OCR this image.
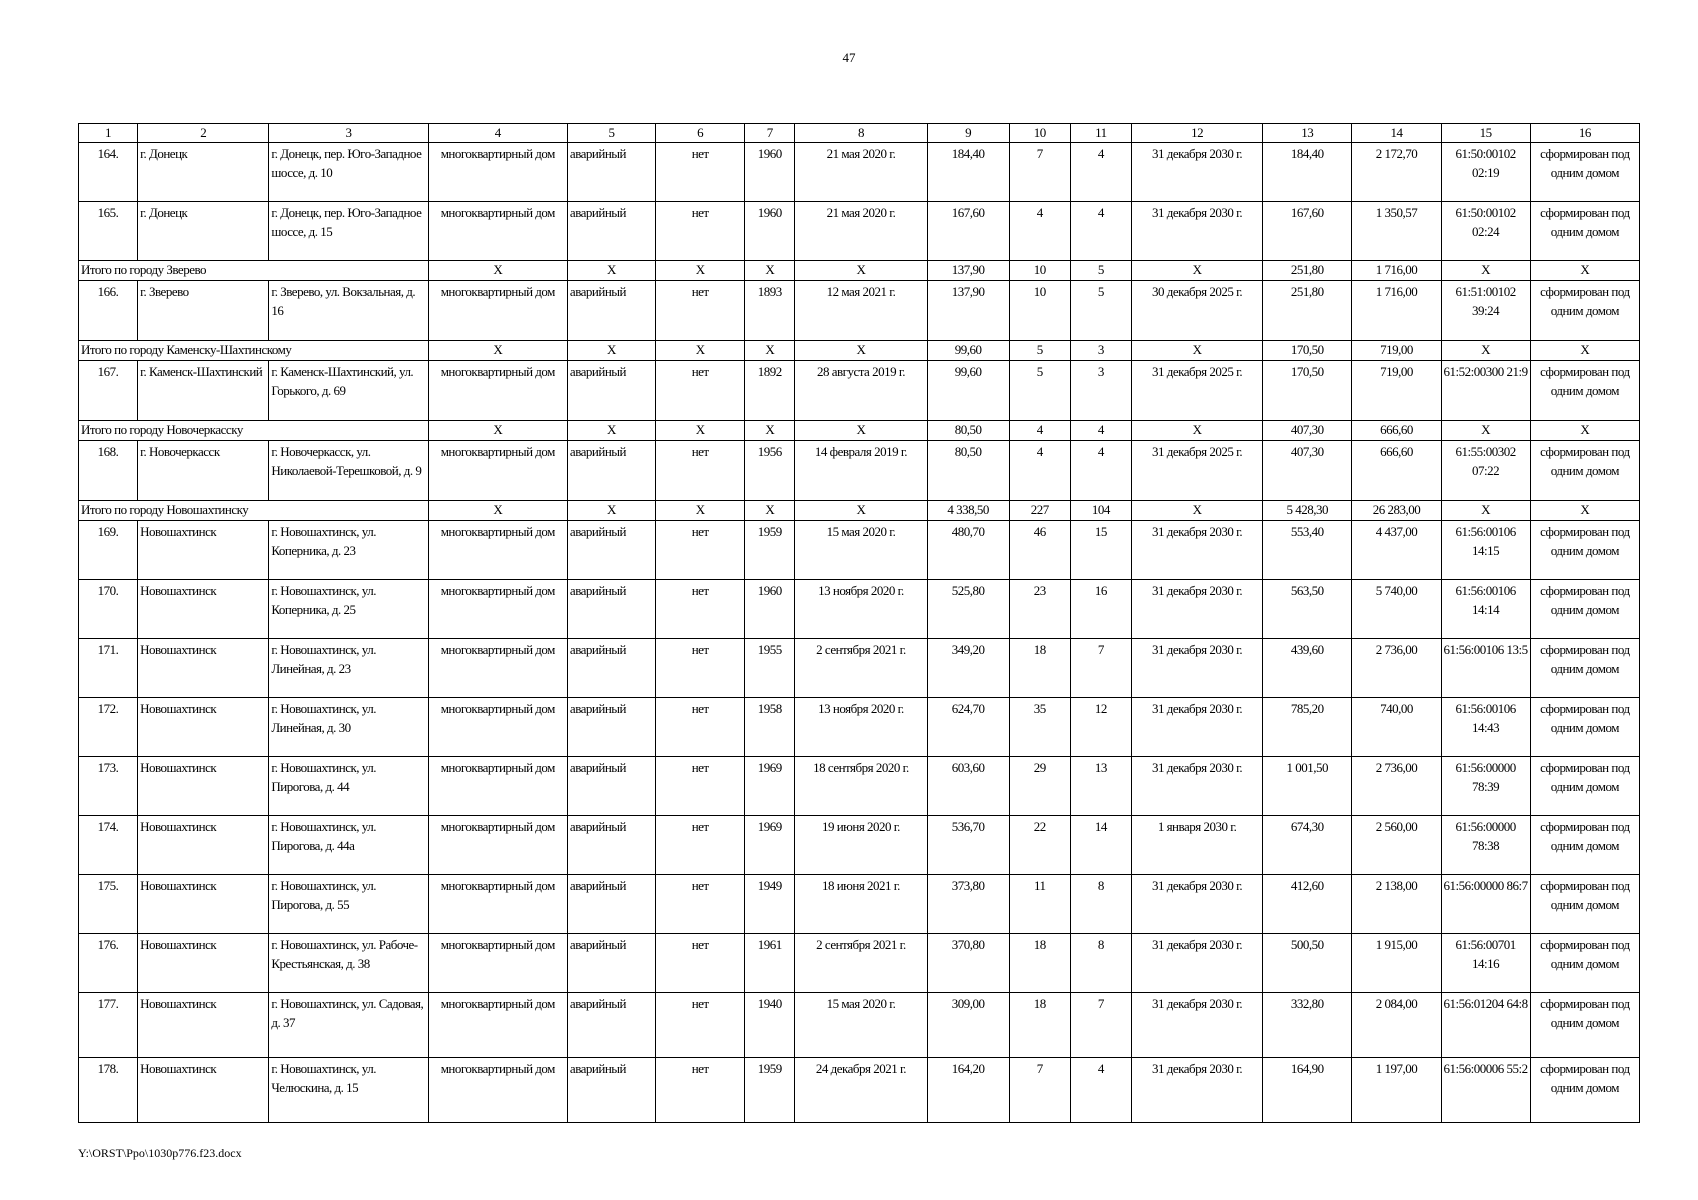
47
1	2	3	4	5	6	7	8	9	10	11	12	13	14	15	16
164.	г. Донецк	г. Донецк, пер. Юго-Западное шоссе, д. 10	многоквартирный дом	аварийный	нет	1960	21 мая 2020 г.	184,40	7	4	31 декабря 2030 г.	184,40	2 172,70	61:50:00102 02:19	сформирован под одним домом
165.	г. Донецк	г. Донецк, пер. Юго-Западное шоссе, д. 15	многоквартирный дом	аварийный	нет	1960	21 мая 2020 г.	167,60	4	4	31 декабря 2030 г.	167,60	1 350,57	61:50:00102 02:24	сформирован под одним домом
Итого по городу Зверево			X	X	X	X	X	137,90	10	5	X	251,80	1 716,00	X	X
166.	г. Зверево	г. Зверево, ул. Вокзальная, д. 16	многоквартирный дом	аварийный	нет	1893	12 мая 2021 г.	137,90	10	5	30 декабря 2025 г.	251,80	1 716,00	61:51:00102 39:24	сформирован под одним домом
Итого по городу Каменску-Шахтинскому			X	X	X	X	X	99,60	5	3	X	170,50	719,00	X	X
167.	г. Каменск-Шахтинский	г. Каменск-Шахтинский, ул. Горького, д. 69	многоквартирный дом	аварийный	нет	1892	28 августа 2019 г.	99,60	5	3	31 декабря 2025 г.	170,50	719,00	61:52:00300 21:9	сформирован под одним домом
Итого по городу Новочеркасску			X	X	X	X	X	80,50	4	4	X	407,30	666,60	X	X
168.	г. Новочеркасск	г. Новочеркасск, ул. Николаевой-Терешковой, д. 9	многоквартирный дом	аварийный	нет	1956	14 февраля 2019 г.	80,50	4	4	31 декабря 2025 г.	407,30	666,60	61:55:00302 07:22	сформирован под одним домом
Итого по городу Новошахтинску			X	X	X	X	X	4 338,50	227	104	X	5 428,30	26 283,00	X	X
169.	Новошахтинск	г. Новошахтинск, ул. Коперника, д. 23	многоквартирный дом	аварийный	нет	1959	15 мая 2020 г.	480,70	46	15	31 декабря 2030 г.	553,40	4 437,00	61:56:00106 14:15	сформирован под одним домом
170.	Новошахтинск	г. Новошахтинск, ул. Коперника, д. 25	многоквартирный дом	аварийный	нет	1960	13 ноября 2020 г.	525,80	23	16	31 декабря 2030 г.	563,50	5 740,00	61:56:00106 14:14	сформирован под одним домом
171.	Новошахтинск	г. Новошахтинск, ул. Линейная, д. 23	многоквартирный дом	аварийный	нет	1955	2 сентября 2021 г.	349,20	18	7	31 декабря 2030 г.	439,60	2 736,00	61:56:00106 13:5	сформирован под одним домом
172.	Новошахтинск	г. Новошахтинск, ул. Линейная, д. 30	многоквартирный дом	аварийный	нет	1958	13 ноября 2020 г.	624,70	35	12	31 декабря 2030 г.	785,20	740,00	61:56:00106 14:43	сформирован под одним домом
173.	Новошахтинск	г. Новошахтинск, ул. Пирогова, д. 44	многоквартирный дом	аварийный	нет	1969	18 сентября 2020 г.	603,60	29	13	31 декабря 2030 г.	1 001,50	2 736,00	61:56:00000 78:39	сформирован под одним домом
174.	Новошахтинск	г. Новошахтинск, ул. Пирогова, д. 44а	многоквартирный дом	аварийный	нет	1969	19 июня 2020 г.	536,70	22	14	1 января 2030 г.	674,30	2 560,00	61:56:00000 78:38	сформирован под одним домом
175.	Новошахтинск	г. Новошахтинск, ул. Пирогова, д. 55	многоквартирный дом	аварийный	нет	1949	18 июня 2021 г.	373,80	11	8	31 декабря 2030 г.	412,60	2 138,00	61:56:00000 86:7	сформирован под одним домом
176.	Новошахтинск	г. Новошахтинск, ул. Рабоче-Крестьянская, д. 38	многоквартирный дом	аварийный	нет	1961	2 сентября 2021 г.	370,80	18	8	31 декабря 2030 г.	500,50	1 915,00	61:56:00701 14:16	сформирован под одним домом
177.	Новошахтинск	г. Новошахтинск, ул. Садовая, д. 37	многоквартирный дом	аварийный	нет	1940	15 мая 2020 г.	309,00	18	7	31 декабря 2030 г.	332,80	2 084,00	61:56:01204 64:8	сформирован под одним домом
178.	Новошахтинск	г. Новошахтинск, ул. Челюскина, д. 15	многоквартирный дом	аварийный	нет	1959	24 декабря 2021 г.	164,20	7	4	31 декабря 2030 г.	164,90	1 197,00	61:56:00006 55:2	сформирован под одним домом
Y:\ORST\Ppo\1030p776.f23.docx
